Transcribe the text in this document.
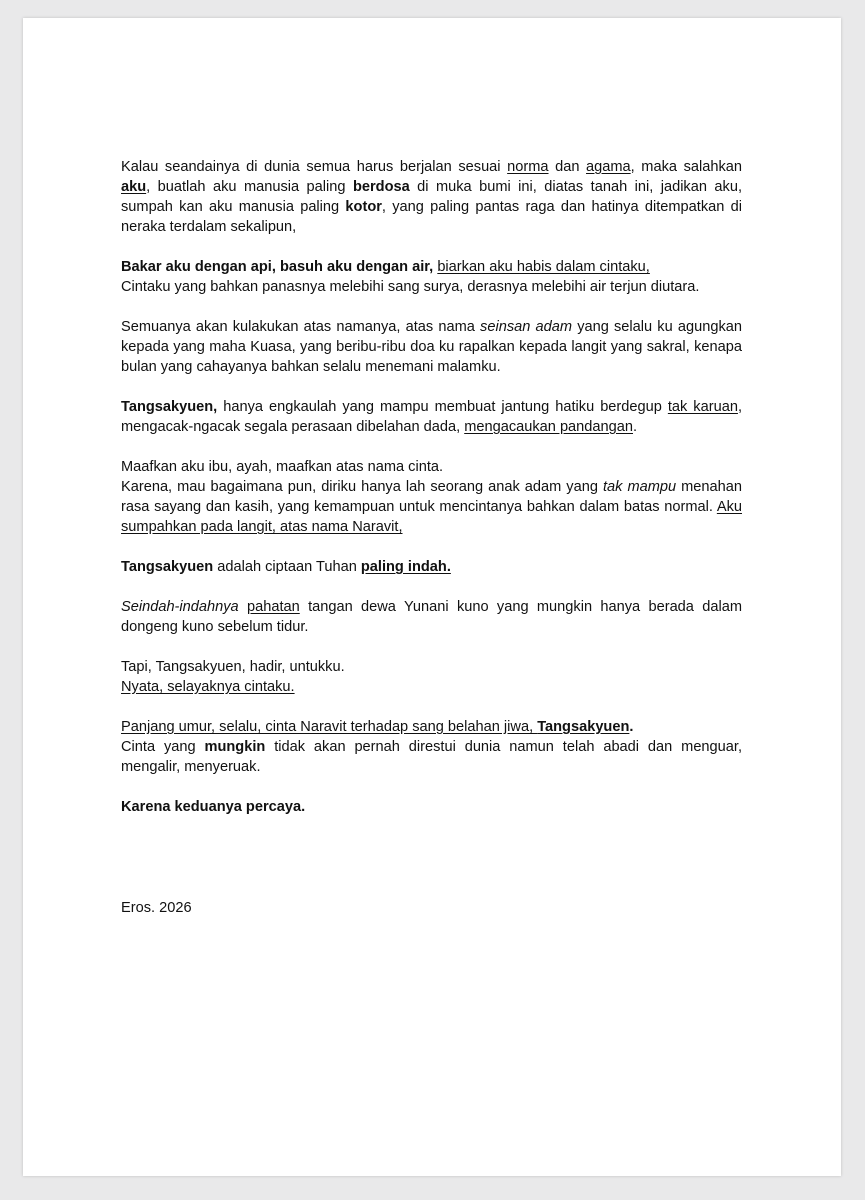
Kalau seandainya di dunia semua harus berjalan sesuai norma dan agama, maka salahkan aku, buatlah aku manusia paling berdosa di muka bumi ini, diatas tanah ini, jadikan aku, sumpah kan aku manusia paling kotor, yang paling pantas raga dan hatinya ditempatkan di neraka terdalam sekalipun,

Bakar aku dengan api, basuh aku dengan air, biarkan aku habis dalam cintaku,
Cintaku yang bahkan panasnya melebihi sang surya, derasnya melebihi air terjun diutara.

Semuanya akan kulakukan atas namanya, atas nama seinsan adam yang selalu ku agungkan kepada yang maha Kuasa, yang beribu-ribu doa ku rapalkan kepada langit yang sakral, kenapa bulan yang cahayanya bahkan selalu menemani malamku.

Tangsakyuen, hanya engkaulah yang mampu membuat jantung hatiku berdegup tak karuan, mengacak-ngacak segala perasaan dibelahan dada, mengacaukan pandangan.

Maafkan aku ibu, ayah, maafkan atas nama cinta.

Karena, mau bagaimana pun, diriku hanya lah seorang anak adam yang tak mampu menahan rasa sayang dan kasih, yang kemampuan untuk mencintanya bahkan dalam batas normal. Aku sumpahkan pada langit, atas nama Naravit,

Tangsakyuen adalah ciptaan Tuhan paling indah.

Seindah-indahnya pahatan tangan dewa Yunani kuno yang mungkin hanya berada dalam dongeng kuno sebelum tidur.

Tapi, Tangsakyuen, hadir, untukku.
Nyata, selayaknya cintaku.

Panjang umur, selalu, cinta Naravit terhadap sang belahan jiwa, Tangsakyuen.
Cinta yang mungkin tidak akan pernah direstui dunia namun telah abadi dan menguar, mengalir, menyeruak.

Karena keduanya percaya.

Eros. 2026
